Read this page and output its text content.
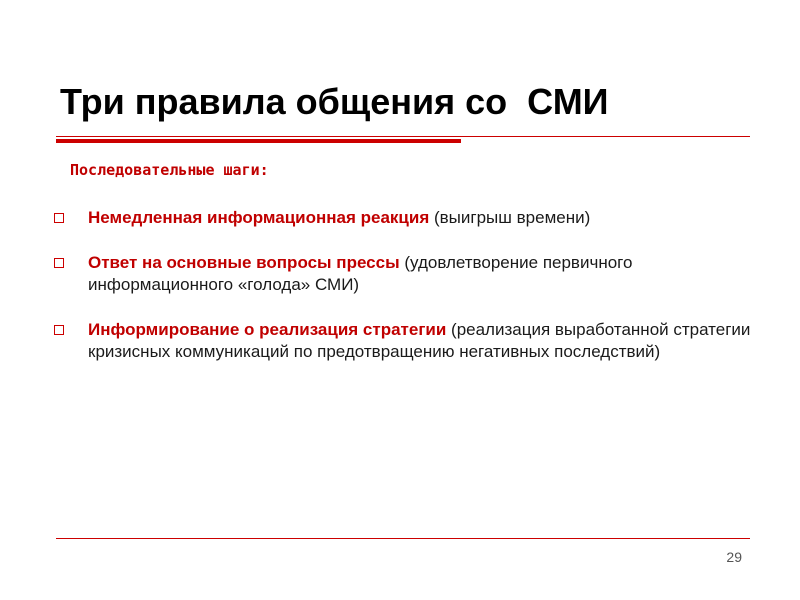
Три правила общения со  СМИ
Последовательные шаги:
Немедленная информационная реакция (выигрыш времени)
Ответ на основные вопросы прессы (удовлетворение первичного информационного «голода» СМИ)
Информирование о реализация стратегии (реализация выработанной стратегии кризисных коммуникаций по предотвращению негативных последствий)
29
